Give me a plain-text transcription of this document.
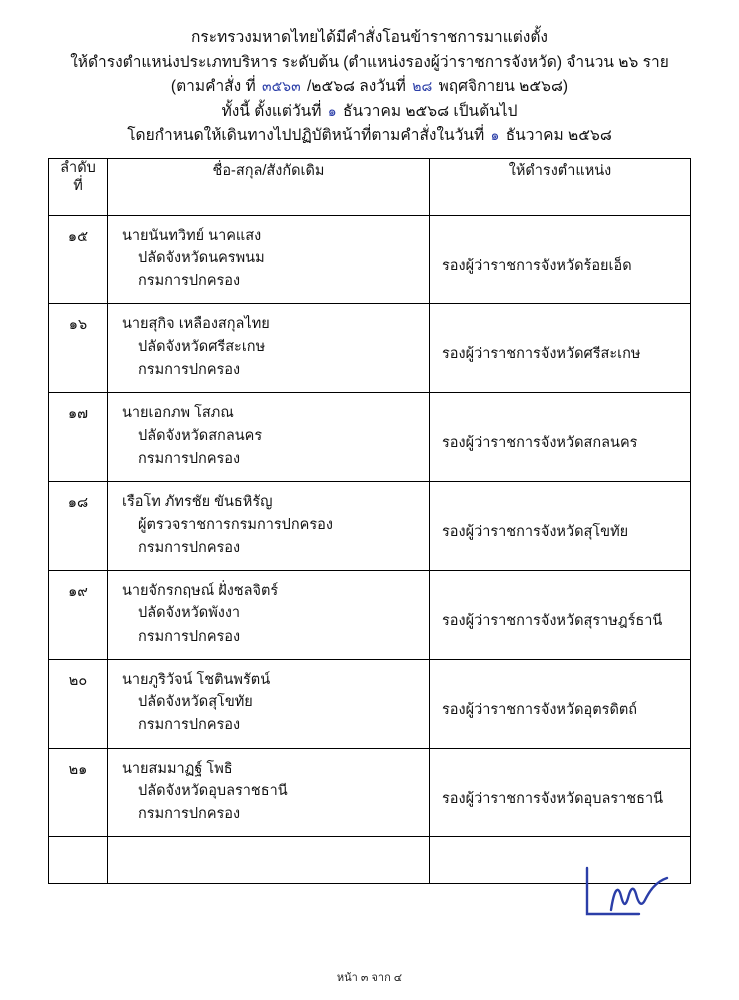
กระทรวงมหาดไทยได้มีคำสั่งโอนข้าราชการมาแต่งตั้ง
ให้ดำรงตำแหน่งประเภทบริหาร ระดับต้น (ตำแหน่งรองผู้ว่าราชการจังหวัด) จำนวน ๒๖ ราย
(ตามคำสั่ง ที่ ๓๕๖๓ /๒๕๖๘ ลงวันที่ ๒๘ พฤศจิกายน ๒๕๖๘)
ทั้งนี้ ตั้งแต่วันที่ ๑ ธันวาคม ๒๕๖๘ เป็นต้นไป
โดยกำหนดให้เดินทางไปปฏิบัติหน้าที่ตามคำสั่งในวันที่ ๑ ธันวาคม ๒๕๖๘
ลำดับ
ที่	ชื่อ-สกุล/สังกัดเดิม	ให้ดำรงตำแหน่ง
๑๕	นายนันทวิทย์ นาคแสง
ปลัดจังหวัดนครพนม
กรมการปกครอง	รองผู้ว่าราชการจังหวัดร้อยเอ็ด

๑๖	นายสุกิจ เหลืองสกุลไทย
ปลัดจังหวัดศรีสะเกษ
กรมการปกครอง	รองผู้ว่าราชการจังหวัดศรีสะเกษ

๑๗	นายเอกภพ โสภณ
ปลัดจังหวัดสกลนคร
กรมการปกครอง	รองผู้ว่าราชการจังหวัดสกลนคร

๑๘	เรือโท ภัทรชัย ขันธหิรัญ
ผู้ตรวจราชการกรมการปกครอง
กรมการปกครอง	รองผู้ว่าราชการจังหวัดสุโขทัย

๑๙	นายจักรกฤษณ์ ฝั่งชลจิตร์
ปลัดจังหวัดพังงา
กรมการปกครอง	รองผู้ว่าราชการจังหวัดสุราษฎร์ธานี

๒๐	นายภูริวัจน์ โชตินพรัตน์
ปลัดจังหวัดสุโขทัย
กรมการปกครอง	รองผู้ว่าราชการจังหวัดอุตรดิตถ์

๒๑	นายสมมาฏฐ์ โพธิ
ปลัดจังหวัดอุบลราชธานี
กรมการปกครอง	รองผู้ว่าราชการจังหวัดอุบลราชธานี

หน้า ๓ จาก ๔
